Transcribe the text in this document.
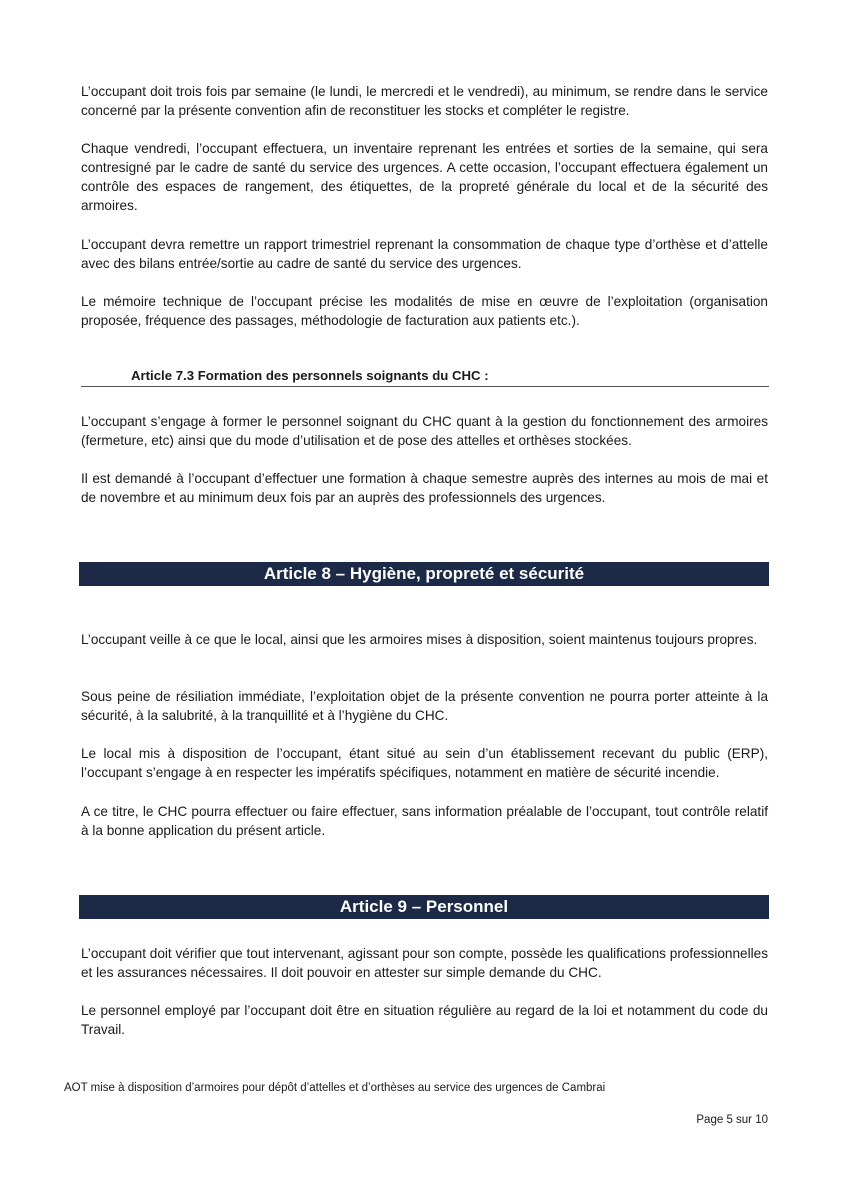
L’occupant doit trois fois par semaine (le lundi, le mercredi et le vendredi), au minimum, se rendre dans le service concerné par la présente convention afin de reconstituer les stocks et compléter le registre.

Chaque vendredi, l’occupant effectuera, un inventaire reprenant les entrées et sorties de la semaine, qui sera contresigné par le cadre de santé du service des urgences. A cette occasion, l’occupant effectuera également un contrôle des espaces de rangement, des étiquettes, de la propreté générale du local et de la sécurité des armoires.

L’occupant devra remettre un rapport trimestriel reprenant la consommation de chaque type d’orthèse et d’attelle avec des bilans entrée/sortie au cadre de santé du service des urgences.

Le mémoire technique de l’occupant précise les modalités de mise en œuvre de l’exploitation (organisation proposée, fréquence des passages, méthodologie de facturation aux patients etc.).

Article 7.3 Formation des personnels soignants du CHC :

L’occupant s’engage à former le personnel soignant du CHC quant à la gestion du fonctionnement des armoires (fermeture, etc) ainsi que du mode d’utilisation et de pose des attelles et orthèses stockées.

Il est demandé à l’occupant d’effectuer une formation à chaque semestre auprès des internes au mois de mai et de novembre et au minimum deux fois par an auprès des professionnels des urgences.

Article 8 – Hygiène, propreté et sécurité

L’occupant veille à ce que le local, ainsi que les armoires mises à disposition, soient maintenus toujours propres.

Sous peine de résiliation immédiate, l’exploitation objet de la présente convention ne pourra porter atteinte à la sécurité, à la salubrité, à la tranquillité et à l’hygiène du CHC.

Le local mis à disposition de l’occupant, étant situé au sein d’un établissement recevant du public (ERP), l’occupant s’engage à en respecter les impératifs spécifiques, notamment en matière de sécurité incendie.

A ce titre, le CHC pourra effectuer ou faire effectuer, sans information préalable de l’occupant, tout contrôle relatif à la bonne application du présent article.

Article 9 – Personnel

L’occupant doit vérifier que tout intervenant, agissant pour son compte, possède les qualifications professionnelles et les assurances nécessaires. Il doit pouvoir en attester sur simple demande du CHC.

Le personnel employé par l’occupant doit être en situation régulière au regard de la loi et notamment du code du Travail.

AOT mise à disposition d’armoires pour dépôt d’attelles et d’orthèses au service des urgences de Cambrai
Page 5 sur 10
